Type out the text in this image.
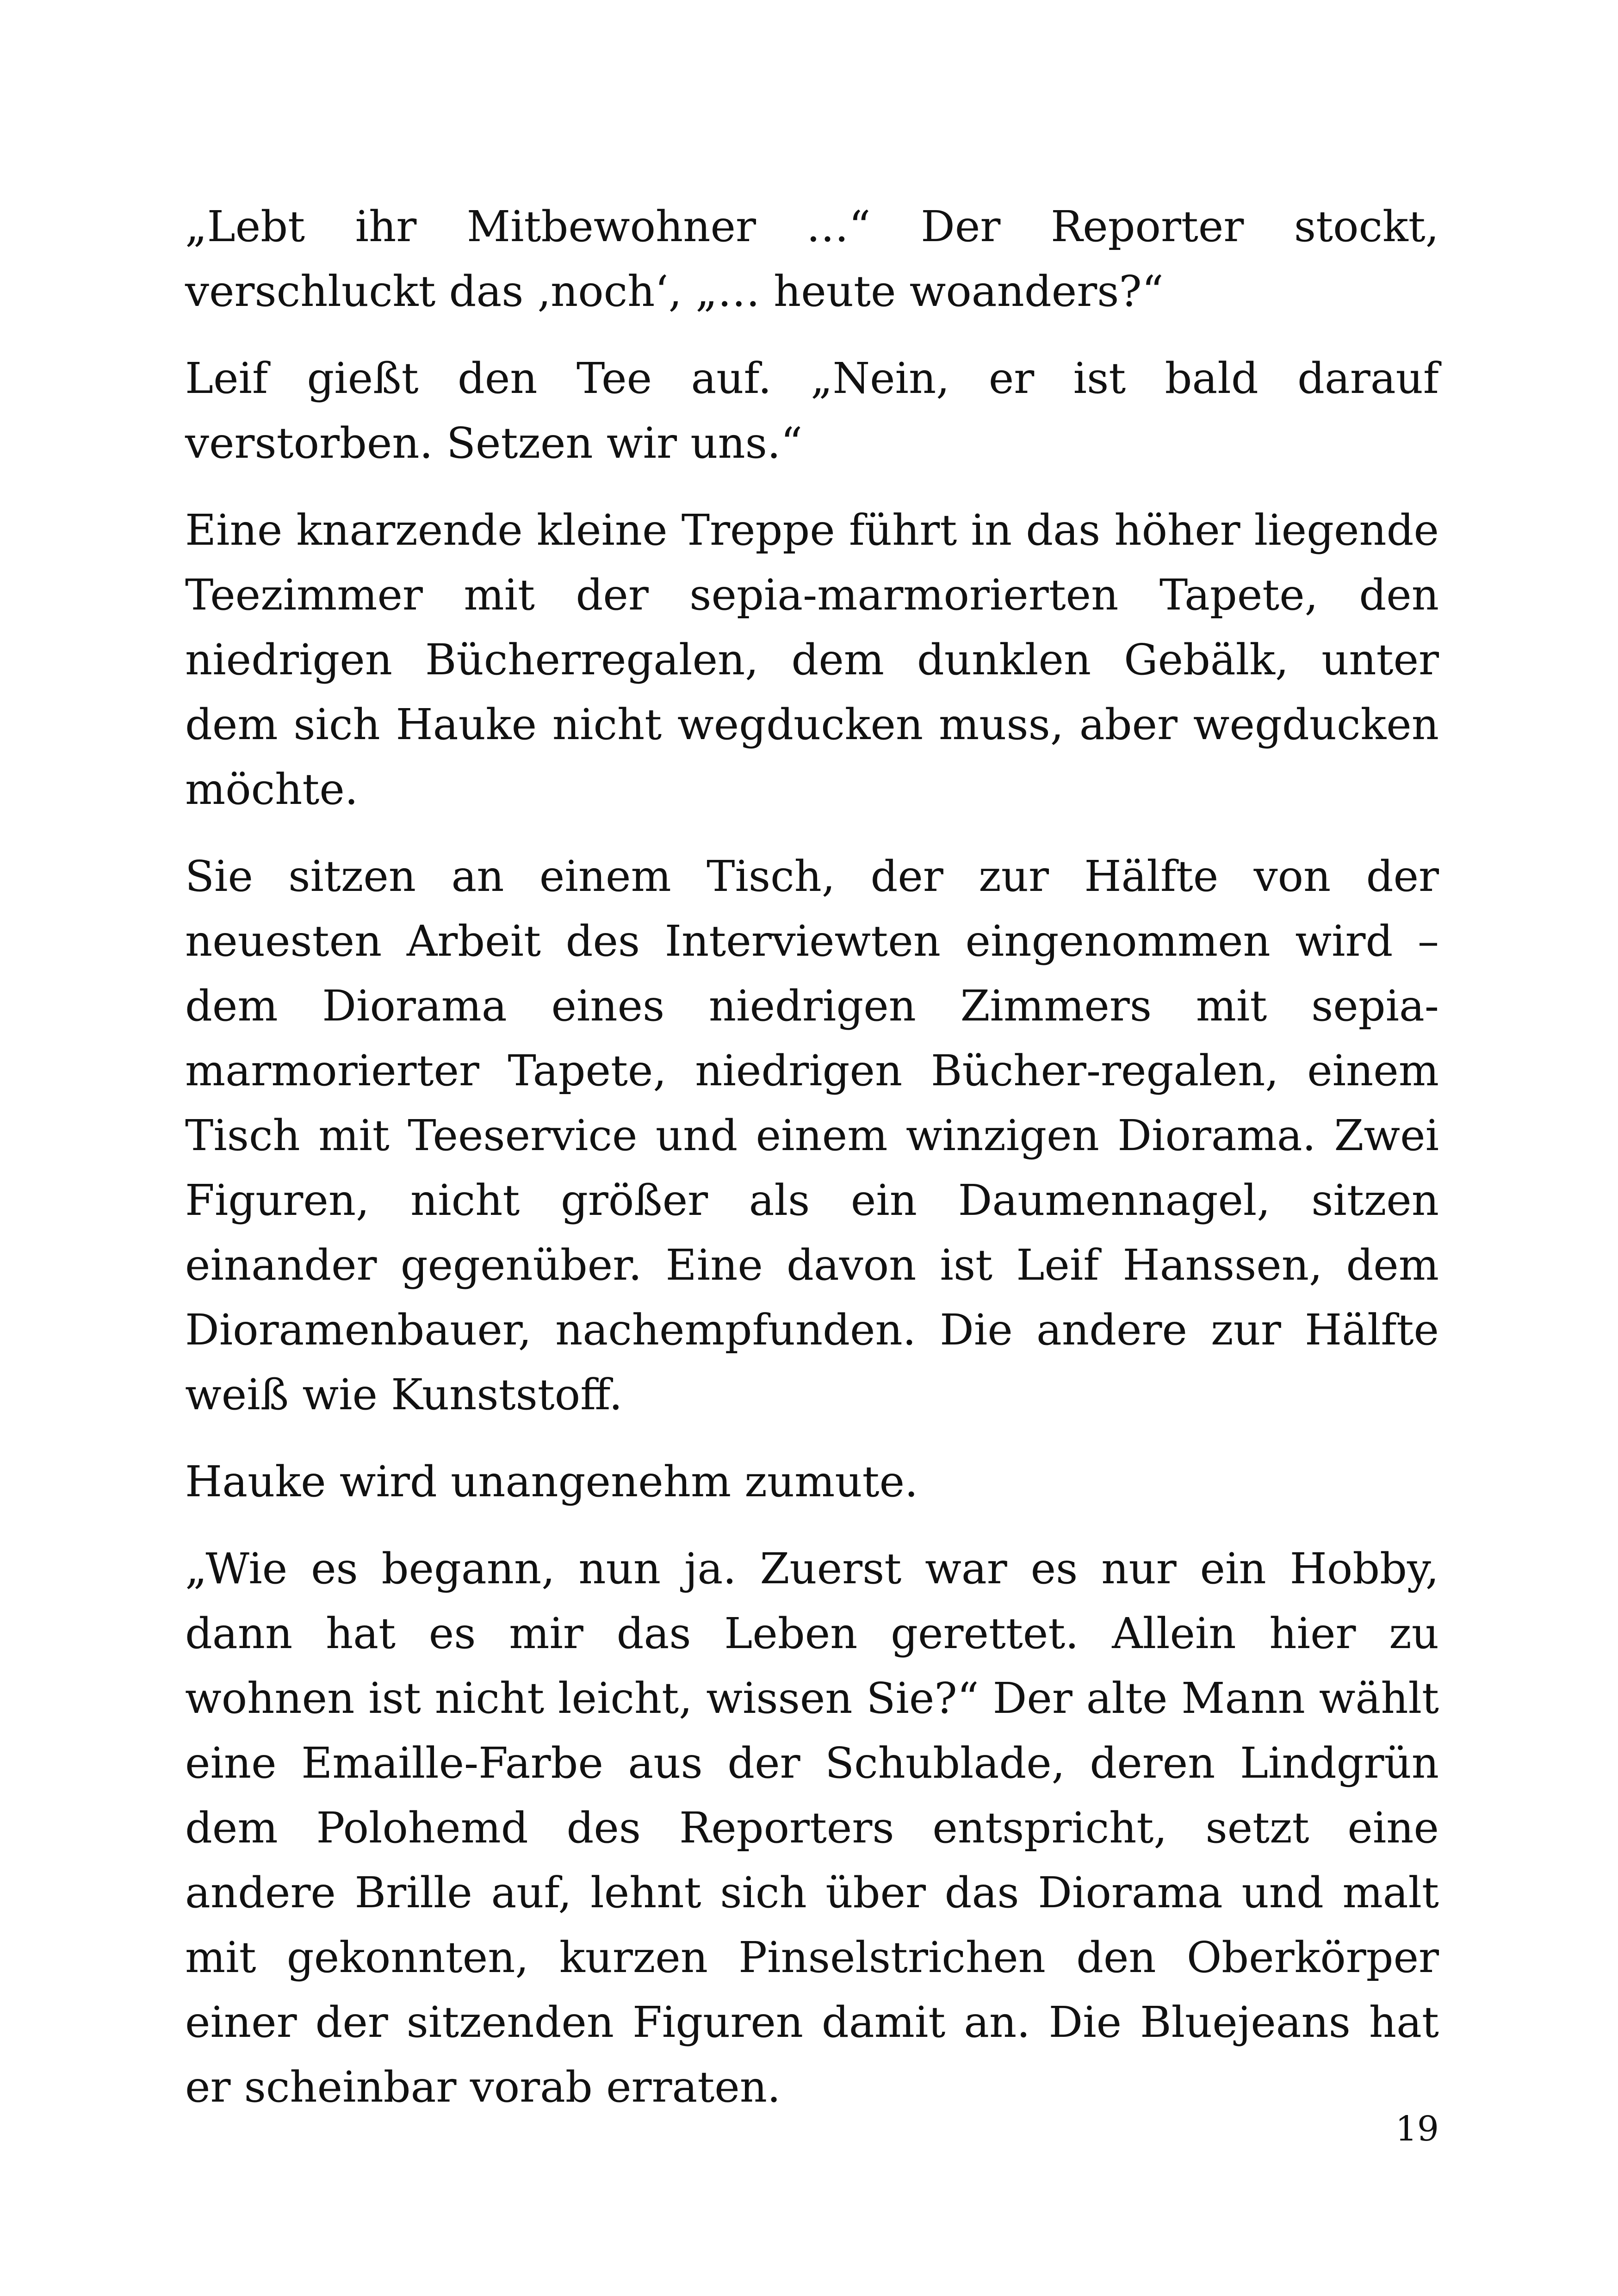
„Lebt ihr Mitbewohner …“ Der Reporter stockt, verschluckt das ‚noch‘, „… heute woanders?“

Leif gießt den Tee auf. „Nein, er ist bald darauf verstorben. Setzen wir uns.“

Eine knarzende kleine Treppe führt in das höher liegende Teezimmer mit der sepia-marmorierten Tapete, den niedrigen Bücherregalen, dem dunklen Gebälk, unter dem sich Hauke nicht wegducken muss, aber wegducken möchte.

Sie sitzen an einem Tisch, der zur Hälfte von der neuesten Arbeit des Interviewten eingenommen wird – dem Diorama eines niedrigen Zimmers mit sepia-marmorierter Tapete, niedrigen Bücher-regalen, einem Tisch mit Teeservice und einem winzigen Diorama. Zwei Figuren, nicht größer als ein Daumennagel, sitzen einander gegenüber. Eine davon ist Leif Hanssen, dem Dioramenbauer, nachempfunden. Die andere zur Hälfte weiß wie Kunststoff.

Hauke wird unangenehm zumute.

„Wie es begann, nun ja. Zuerst war es nur ein Hobby, dann hat es mir das Leben gerettet. Allein hier zu wohnen ist nicht leicht, wissen Sie?“ Der alte Mann wählt eine Emaille-Farbe aus der Schublade, deren Lindgrün dem Polohemd des Reporters entspricht, setzt eine andere Brille auf, lehnt sich über das Diorama und malt mit gekonnten, kurzen Pinselstrichen den Oberkörper einer der sitzenden Figuren damit an. Die Bluejeans hat er scheinbar vorab erraten.

19
